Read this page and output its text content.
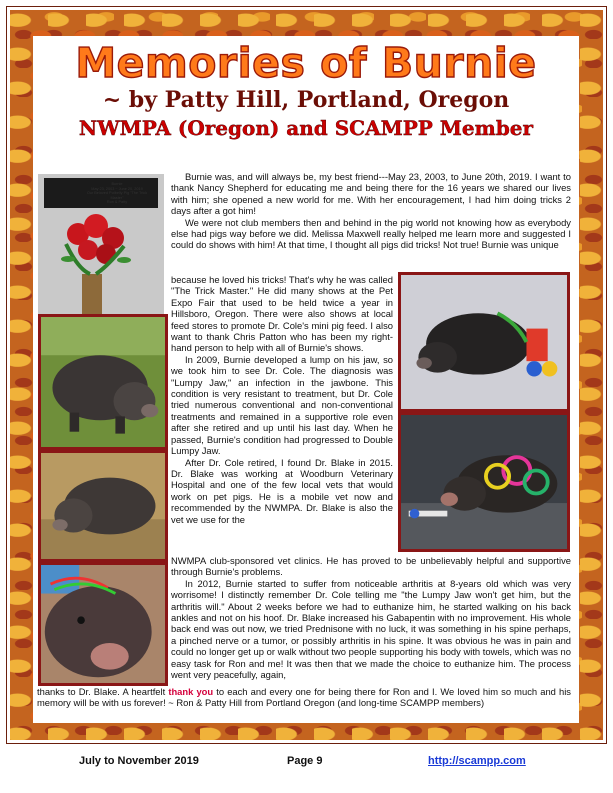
Memories of Burnie
~ by Patty Hill, Portland, Oregon
NWMPA (Oregon) and SCAMPP Member
Burnie
May 23, 2003 ~ June 20, 2019
Our Beloved Potbelly Pig "The Trick Master"
Ron & Patty

Burnie was, and will always be, my best friend---May 23, 2003, to June 20th, 2019. I want to thank Nancy Shepherd for educating me and being there for the 16 years we shared our lives with him; she opened a new world for me. With her encouragement, I had him doing tricks 2 days after a got him!

We were not club members then and behind in the pig world not knowing how as everybody else had pigs way before we did. Melissa Maxwell really helped me learn more and suggested I could do shows with him! At that time, I thought all pigs did tricks! Not true! Burnie was unique

because he loved his tricks! That's why he was called "The Trick Master." He did many shows at the Pet Expo Fair that used to be held twice a year in Hillsboro, Oregon. There were also shows at local feed stores to promote Dr. Cole's mini pig feed. I also want to thank Chris Patton who has been my right-hand person to help with all of Burnie's shows.

In 2009, Burnie developed a lump on his jaw, so we took him to see Dr. Cole. The diagnosis was "Lumpy Jaw," an infection in the jawbone. This condition is very resistant to treatment, but Dr. Cole tried numerous conventional and non-conventional treatments and remained in a supportive role even after she retired and up until his last day. When he passed, Burnie's condition had progressed to Double Lumpy Jaw.

After Dr. Cole retired, I found Dr. Blake in 2015. Dr. Blake was working at Woodburn Veterinary Hospital and one of the few local vets that would work on pet pigs. He is a mobile vet now and recommended by the NWMPA. Dr. Blake is also the vet we use for the

NWMPA club-sponsored vet clinics. He has proved to be unbelievably helpful and supportive through Burnie's problems.

In 2012, Burnie started to suffer from noticeable arthritis at 8-years old which was very worrisome! I distinctly remember Dr. Cole telling me "the Lumpy Jaw won't get him, but the arthritis will." About 2 weeks before we had to euthanize him, he started walking on his back ankles and not on his hoof. Dr. Blake increased his Gabapentin with no improvement. His whole back end was out now, we tried Prednisone with no luck, it was something in his spine perhaps, a pinched nerve or a tumor, or possibly arthritis in his spine. It was obvious he was in pain and could no longer get up or walk without two people supporting his body with towels, which was no easy task for Ron and me! It was then that we made the choice to euthanize him. The process went very peacefully, again,

thanks to Dr. Blake. A heartfelt thank you to each and every one for being there for Ron and I. We loved him so much and his memory will be with us forever! ~ Ron & Patty Hill from Portland Oregon (and long-time SCAMPP members)

July to November 2019	Page 9	http://scampp.com
